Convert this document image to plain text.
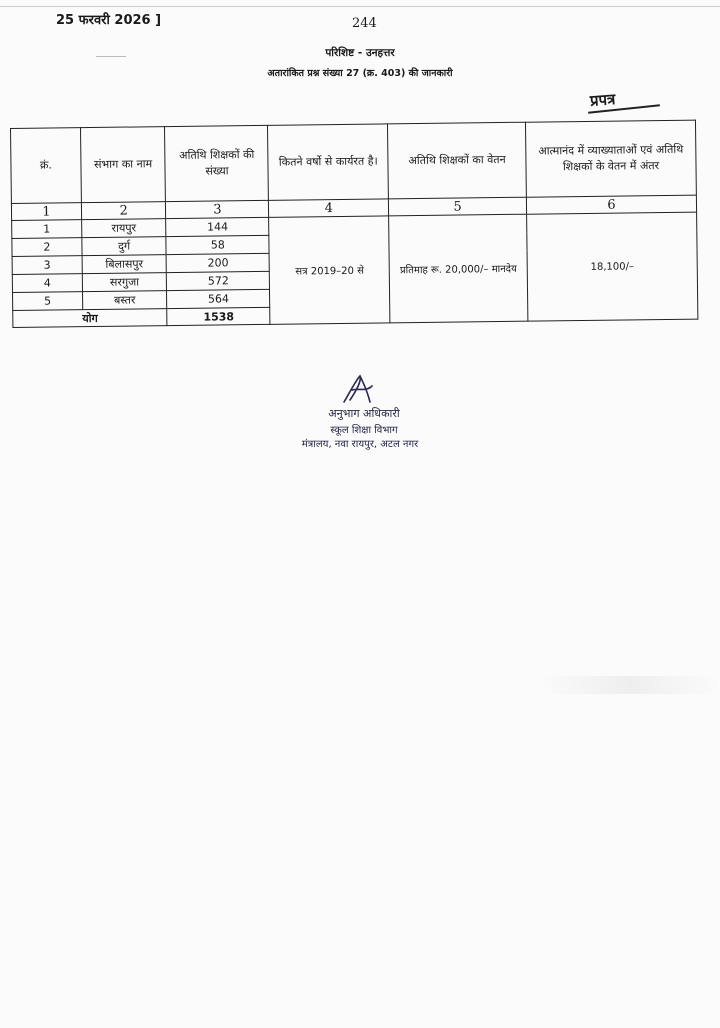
25 फरवरी 2026 ]	244
परिशिष्ट - उनहत्तर
अतारांकित प्रश्न संख्या 27 (क्र. 403) की जानकारी
प्रपत्र
क्रं.	संभाग का नाम	अतिथि शिक्षकों की संख्या	कितने वर्षो से कार्यरत है।	अतिथि शिक्षकों का वेतन	आत्मानंद में व्याख्याताओं एवं अतिथि शिक्षकों के वेतन में अंतर
1	2	3	4	5	6
1	रायपुर	144	सत्र 2019–20 से	प्रतिमाह रू. 20,000/– मानदेय	18,100/–
2	दुर्ग	58			
3	बिलासपुर	200			
4	सरगुजा	572			
5	बस्तर	564			
योग		1538			
अनुभाग अधिकारी
स्कूल शिक्षा विभाग
मंत्रालय, नवा रायपुर, अटल नगर
